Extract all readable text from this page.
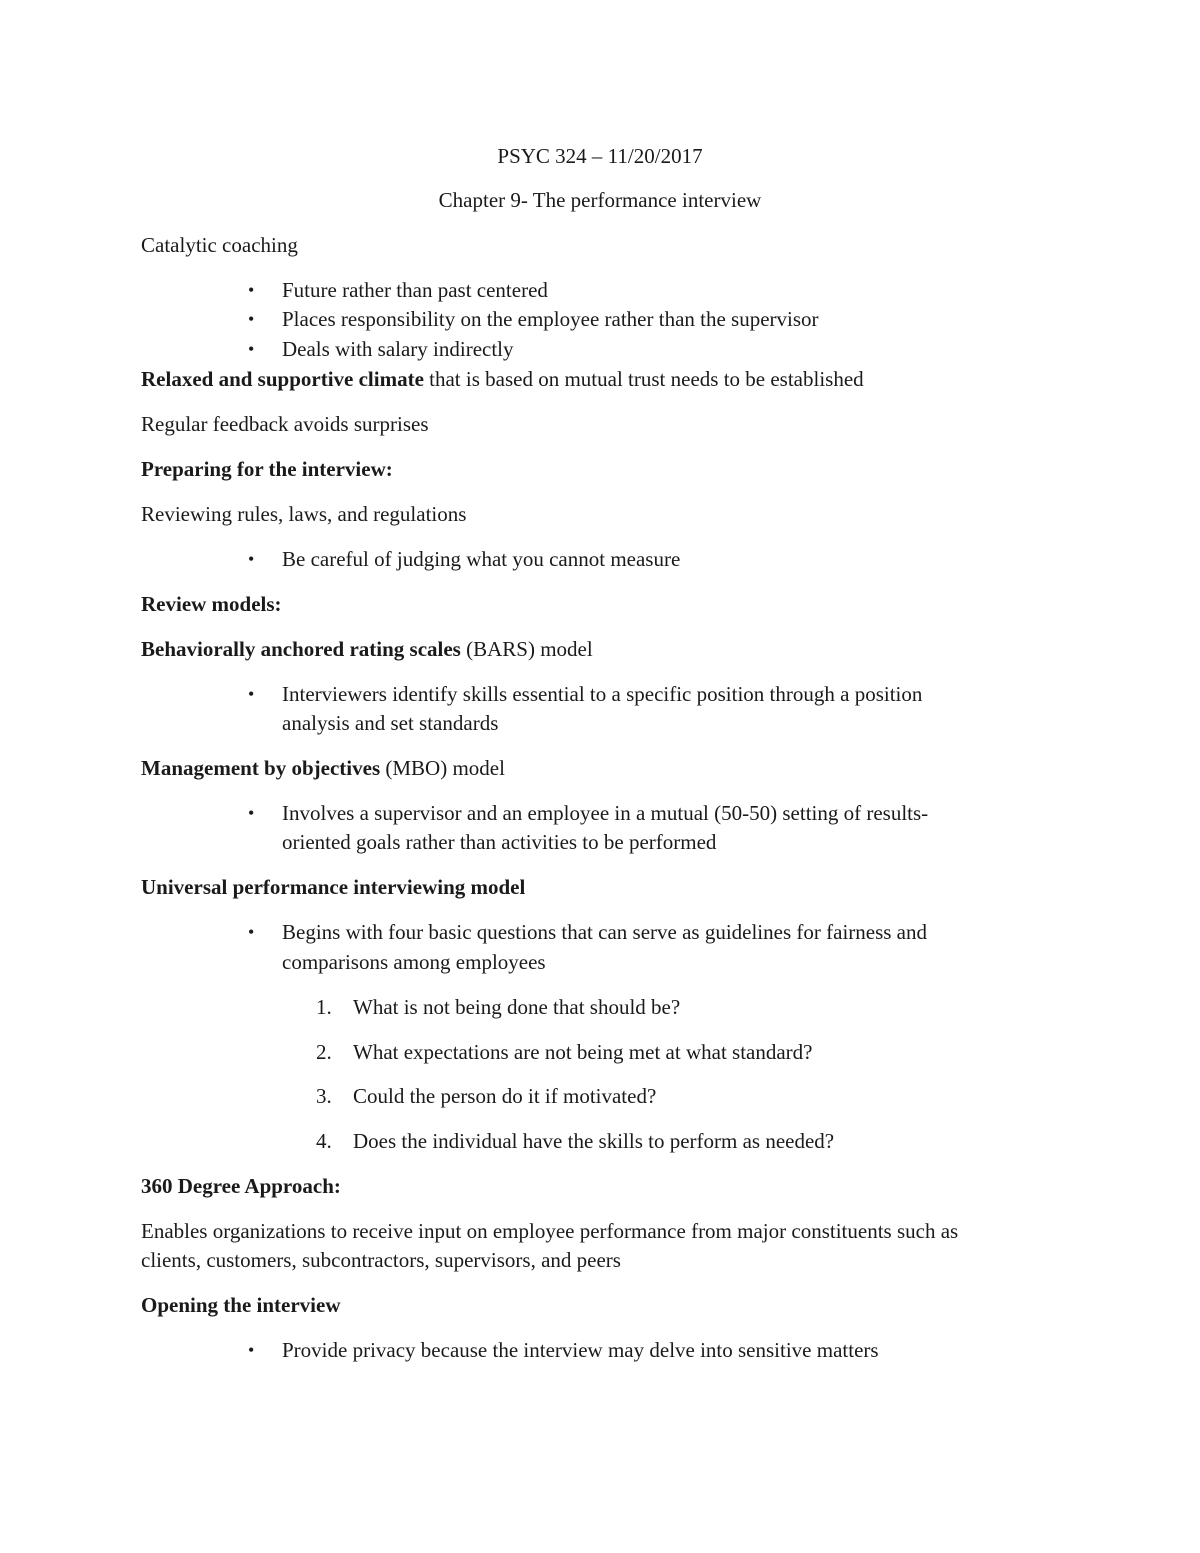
PSYC 324 – 11/20/2017
Chapter 9- The performance interview
Catalytic coaching
• Future rather than past centered
• Places responsibility on the employee rather than the supervisor
• Deals with salary indirectly
Relaxed and supportive climate that is based on mutual trust needs to be established
Regular feedback avoids surprises
Preparing for the interview:
Reviewing rules, laws, and regulations
• Be careful of judging what you cannot measure
Review models:
Behaviorally anchored rating scales (BARS) model
• Interviewers identify skills essential to a specific position through a position
analysis and set standards
Management by objectives (MBO) model
• Involves a supervisor and an employee in a mutual (50-50) setting of results-
oriented goals rather than activities to be performed
Universal performance interviewing model
• Begins with four basic questions that can serve as guidelines for fairness and
comparisons among employees
1. What is not being done that should be?
2. What expectations are not being met at what standard?
3. Could the person do it if motivated?
4. Does the individual have the skills to perform as needed?
360 Degree Approach:
Enables organizations to receive input on employee performance from major constituents such as
clients, customers, subcontractors, supervisors, and peers
Opening the interview
• Provide privacy because the interview may delve into sensitive matters
